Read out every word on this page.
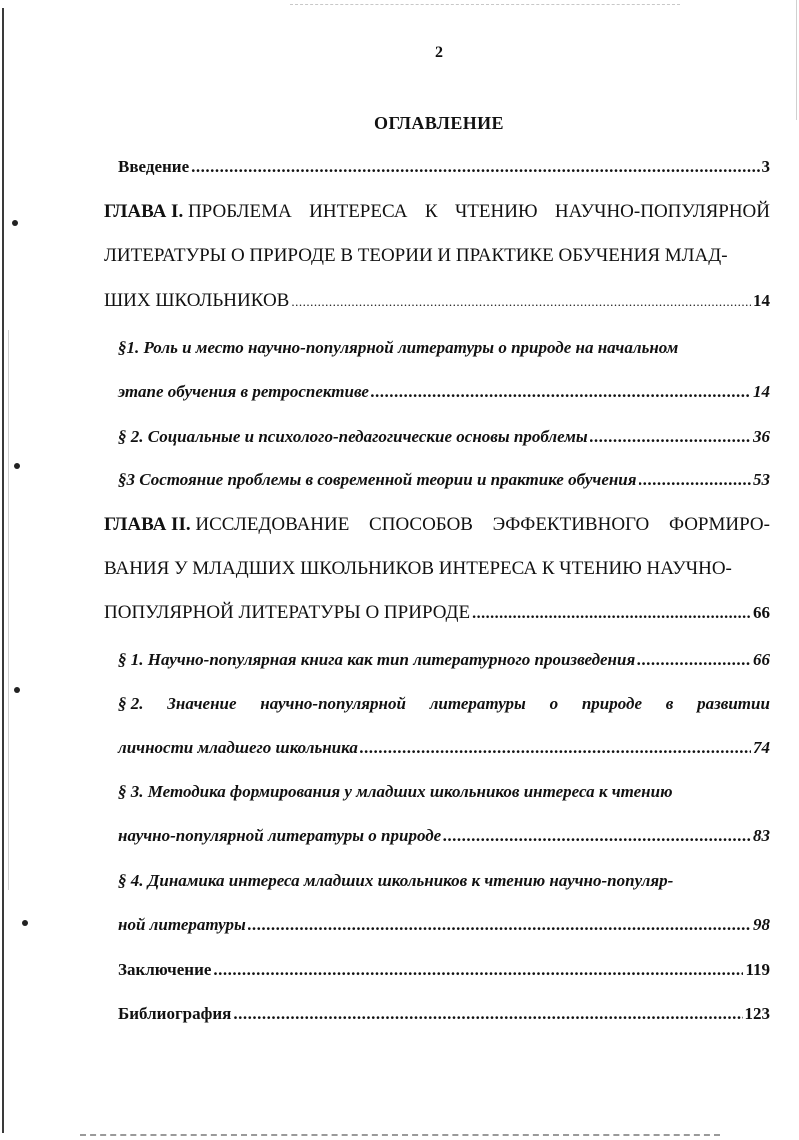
2
ОГЛАВЛЕНИЕ
Введение .....	3
ГЛАВА I. ПРОБЛЕМА ИНТЕРЕСА К ЧТЕНИЮ НАУЧНО-ПОПУЛЯРНОЙ
ЛИТЕРАТУРЫ О ПРИРОДЕ В ТЕОРИИ И ПРАКТИКЕ ОБУЧЕНИЯ МЛАД-
ШИХ ШКОЛЬНИКОВ .....	14
§1. Роль и место научно-популярной литературы о природе на начальном
этапе обучения в ретроспективе .....	14
§ 2. Социальные и психолого-педагогические основы проблемы .....	36
§3 Состояние проблемы в современной теории и практике обучения .....	53
ГЛАВА II. ИССЛЕДОВАНИЕ СПОСОБОВ ЭФФЕКТИВНОГО ФОРМИРО-
ВАНИЯ У МЛАДШИХ ШКОЛЬНИКОВ ИНТЕРЕСА К ЧТЕНИЮ НАУЧНО-
ПОПУЛЯРНОЙ ЛИТЕРАТУРЫ О ПРИРОДЕ .....	66
§ 1. Научно-популярная книга как тип литературного произведения .....	66
§ 2. Значение научно-популярной литературы о природе в развитии
личности младшего школьника .....	74
§ 3. Методика формирования у младших школьников интереса к чтению
научно-популярной литературы о природе .....	83
§ 4. Динамика интереса младших школьников к чтению научно-популяр-
ной литературы .....	98
Заключение .....	119
Библиография .....	123
